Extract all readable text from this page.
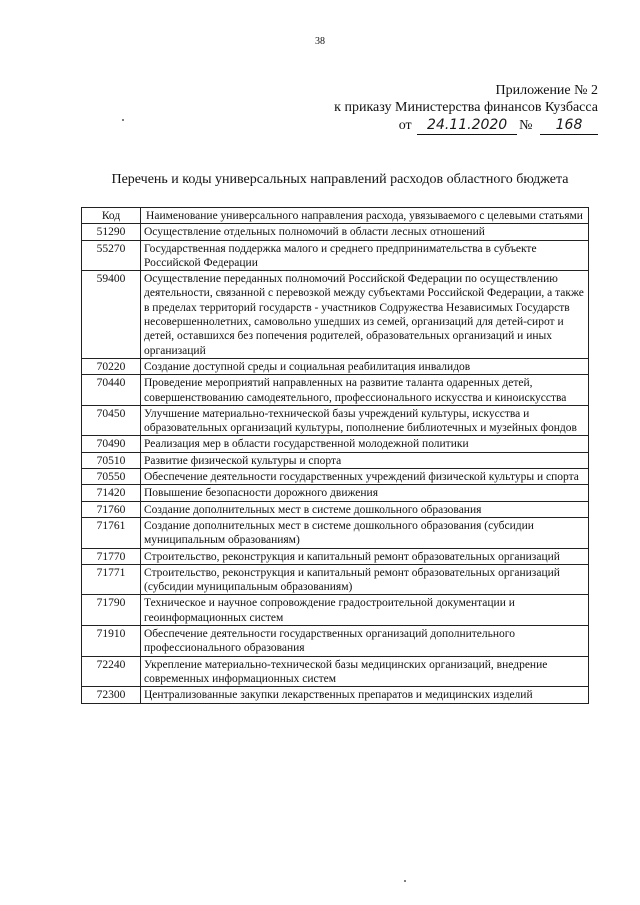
38
Приложение № 2
к приказу Министерства финансов Кузбасса
от 24.11.2020 № 168
Перечень и коды универсальных направлений расходов областного бюджета
Код	Наименование универсального направления расхода, увязываемого с целевыми статьями
51290	Осуществление отдельных полномочий в области лесных отношений
55270	Государственная поддержка малого и среднего предпринимательства в субъекте Российской Федерации
59400	Осуществление переданных полномочий Российской Федерации по осуществлению деятельности, связанной с перевозкой между субъектами Российской Федерации, а также в пределах территорий государств - участников Содружества Независимых Государств несовершеннолетних, самовольно ушедших из семей, организаций для детей-сирот и детей, оставшихся без попечения родителей, образовательных организаций и иных организаций
70220	Создание доступной среды и социальная реабилитация инвалидов
70440	Проведение мероприятий направленных на развитие таланта одаренных детей, совершенствованию самодеятельного, профессионального искусства и киноискусства
70450	Улучшение материально-технической базы учреждений культуры, искусства и образовательных организаций культуры, пополнение библиотечных и музейных фондов
70490	Реализация мер в области государственной молодежной политики
70510	Развитие физической культуры и спорта
70550	Обеспечение деятельности государственных учреждений физической культуры и спорта
71420	Повышение безопасности дорожного движения
71760	Создание дополнительных мест в системе дошкольного образования
71761	Создание дополнительных мест в системе дошкольного образования (субсидии муниципальным образованиям)
71770	Строительство, реконструкция и капитальный ремонт образовательных организаций
71771	Строительство, реконструкция и капитальный ремонт образовательных организаций (субсидии муниципальным образованиям)
71790	Техническое и научное сопровождение градостроительной документации и геоинформационных систем
71910	Обеспечение деятельности государственных организаций дополнительного профессионального образования
72240	Укрепление материально-технической базы медицинских организаций, внедрение современных информационных систем
72300	Централизованные закупки лекарственных препаратов и медицинских изделий
